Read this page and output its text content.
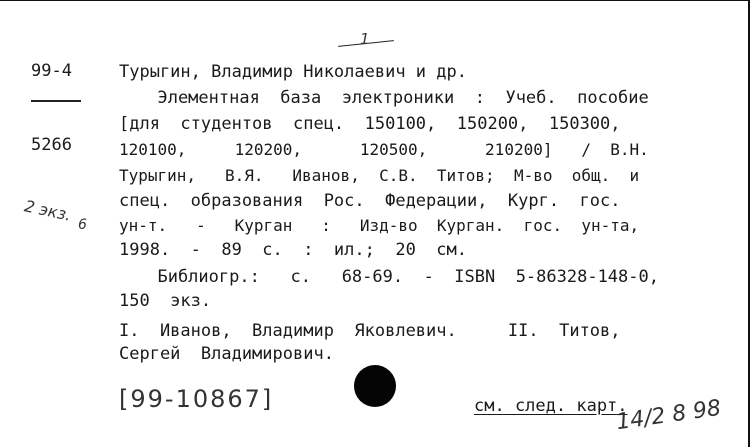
1
99-4
5266
2 экз.
6
Турыгин, Владимир Николаевич и др.
Элементная  база  электроники  :  Учеб.  пособие
[для  студентов  спец.  150100,  150200,  150300,
120100,     120200,      120500,      210200]   /  В.Н.
Турыгин,   В.Я.   Иванов,  С.В.  Титов;  М-во  общ.  и
спец.  образования  Рос.  Федерации,  Кург.  гос.
ун-т.   -   Курган   :   Изд-во  Курган.  гос.  ун-та,
1998.  -  89  с.  :  ил.;  20  см.
Библиогр.:   с.   68-69.  -  ISBN  5-86328-148-0,
150  экз.
I.  Иванов,  Владимир  Яковлевич.     II.  Титов,
Сергей  Владимирович.
[99-10867]	см. след. карт.
14/2 8 98
